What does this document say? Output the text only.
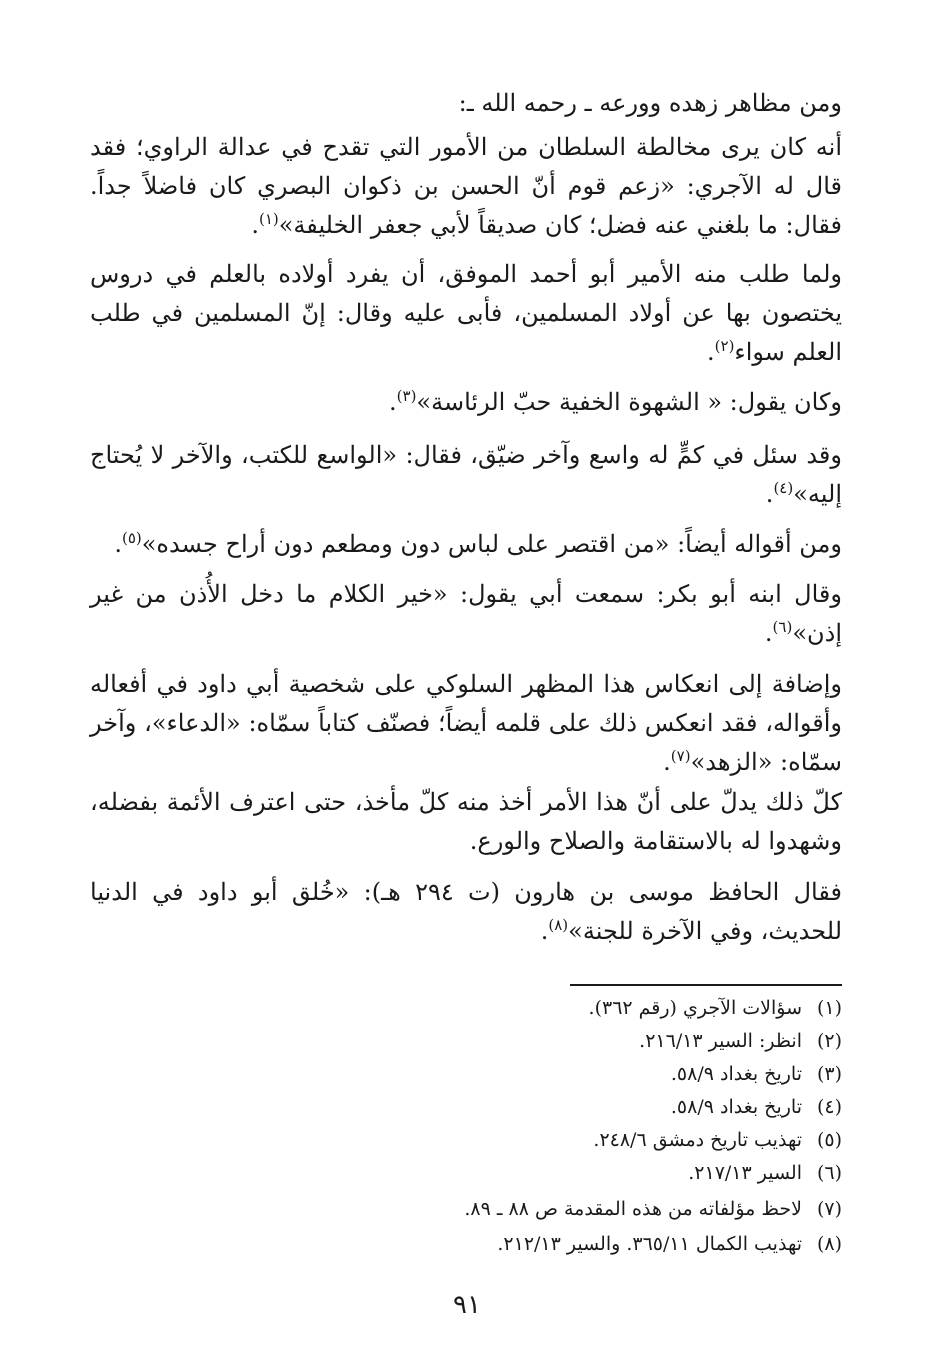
ومن مظاهر زهده وورعه ـ رحمه الله ـ:

أنه كان يرى مخالطة السلطان من الأمور التي تقدح في عدالة الراوي؛ فقد قال له الآجري: «زعم قوم أنّ الحسن بن ذكوان البصري كان فاضلاً جداً. فقال: ما بلغني عنه فضل؛ كان صديقاً لأبي جعفر الخليفة»$^{(١)}$.

ولما طلب منه الأمير أبو أحمد الموفق، أن يفرد أولاده بالعلم في دروس يختصون بها عن أولاد المسلمين، فأبى عليه وقال: إنّ المسلمين في طلب العلم سواء$^{(٢)}$.

وكان يقول: « الشهوة الخفية حبّ الرئاسة»$^{(٣)}$.

وقد سئل في كمٍّ له واسع وآخر ضيّق، فقال: «الواسع للكتب، والآخر لا يُحتاج إليه»$^{(٤)}$.

ومن أقواله أيضاً: «من اقتصر على لباس دون ومطعم دون أراح جسده»$^{(٥)}$.

وقال ابنه أبو بكر: سمعت أبي يقول: «خير الكلام ما دخل الأُذن من غير إذن»$^{(٦)}$.

وإضافة إلى انعكاس هذا المظهر السلوكي على شخصية أبي داود في أفعاله وأقواله، فقد انعكس ذلك على قلمه أيضاً؛ فصنّف كتاباً سمّاه: «الدعاء»، وآخر سمّاه: «الزهد»$^{(٧)}$.

كلّ ذلك يدلّ على أنّ هذا الأمر أخذ منه كلّ مأخذ، حتى اعترف الأئمة بفضله، وشهدوا له بالاستقامة والصلاح والورع.

فقال الحافظ موسى بن هارون (ت ٢٩٤ هـ): «خُلق أبو داود في الدنيا للحديث، وفي الآخرة للجنة»$^{(٨)}$.

(١)سؤالات الآجري (رقم ٣٦٢).

(٢)انظر: السير ٢١٦/١٣.

(٣)تاريخ بغداد ٥٨/٩.

(٤)تاريخ بغداد ٥٨/٩.

(٥)تهذيب تاريخ دمشق ٢٤٨/٦.

(٦)السير ٢١٧/١٣.

(٧)لاحظ مؤلفاته من هذه المقدمة ص ٨٨ ـ ٨٩.

(٨)تهذيب الكمال ٣٦٥/١١. والسير ٢١٢/١٣.

٩١
